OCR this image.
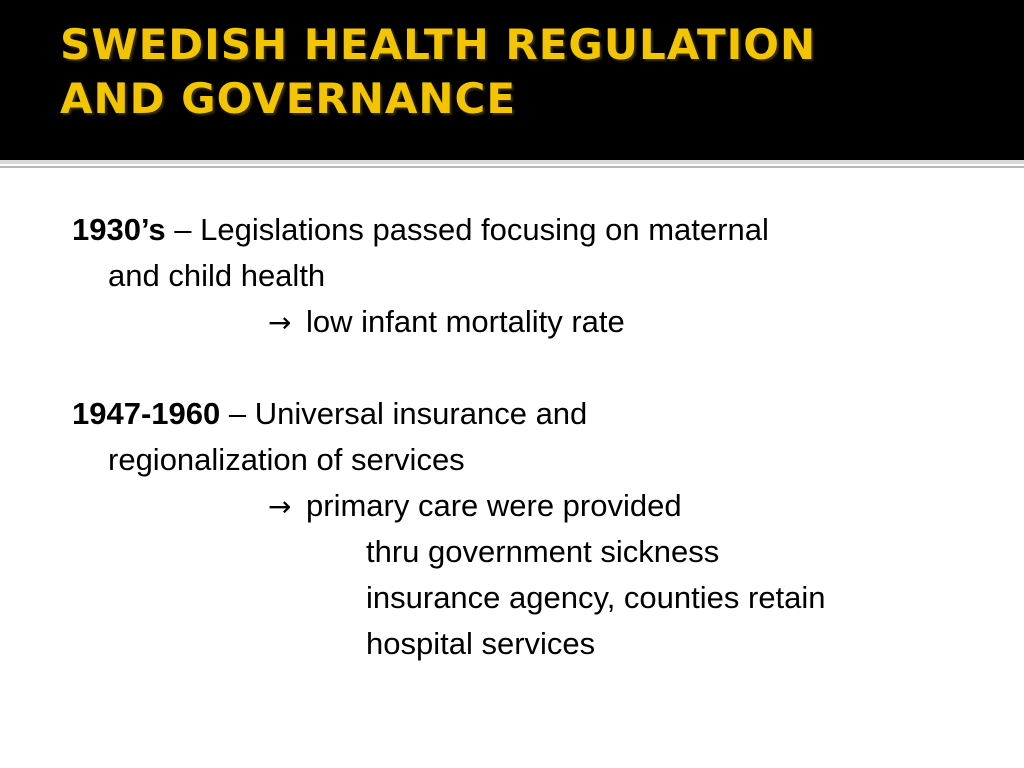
SWEDISH HEALTH REGULATION
AND GOVERNANCE
1930’s – Legislations passed focusing on maternal
and child health
→ low infant mortality rate
1947-1960 – Universal insurance and
regionalization of services
→ primary care were provided
thru government sickness
insurance agency, counties retain
hospital services
